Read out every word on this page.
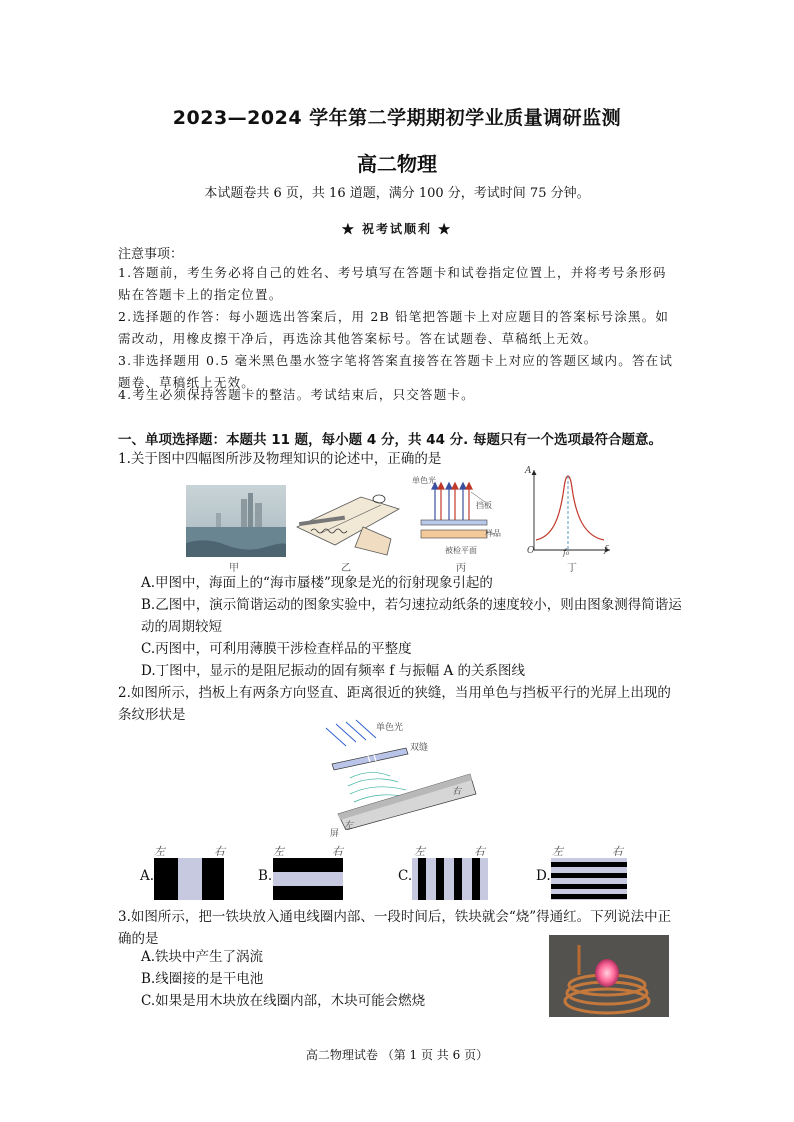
2023—2024 学年第二学期期初学业质量调研监测
高二物理
本试题卷共 6 页，共 16 道题，满分 100 分，考试时间 75 分钟。
★ 祝考试顺利 ★
注意事项：
1.答题前，考生务必将自己的姓名、考号填写在答题卡和试卷指定位置上，并将考号条形码贴在答题卡上的指定位置。
2.选择题的作答：每小题选出答案后，用 2B 铅笔把答题卡上对应题目的答案标号涂黑。如需改动，用橡皮擦干净后，再选涂其他答案标号。答在试题卷、草稿纸上无效。
3.非选择题用 0.5 毫米黑色墨水签字笔将答案直接答在答题卡上对应的答题区域内。答在试题卷、草稿纸上无效。
4.考生必须保持答题卡的整洁。考试结束后，只交答题卡。
一、单项选择题：本题共 11 题，每小题 4 分，共 44 分. 每题只有一个选项最符合题意。
1.关于图中四幅图所涉及物理知识的论述中，正确的是
甲	乙
单色光
挡板
样品
被检平面
丙
A
f
O	f₀
丁
A.甲图中，海面上的“海市蜃楼”现象是光的衍射现象引起的
B.乙图中，演示简谐运动的图象实验中，若匀速拉动纸条的速度较小，则由图象测得简谐运动的周期较短
C.丙图中，可利用薄膜干涉检查样品的平整度
D.丁图中，显示的是阻尼振动的固有频率 f 与振幅 A 的关系图线
2.如图所示，挡板上有两条方向竖直、距离很近的狭缝，当用单色与挡板平行的光屏上出现的条纹形状是
单色光
双缝
屏
左
右
A.
左	右
B.
左	右
C.
左	右
D.
左	右
3.如图所示，把一铁块放入通电线圈内部、一段时间后，铁块就会“烧”得通红。下列说法中正确的是
A.铁块中产生了涡流
B.线圈接的是干电池
C.如果是用木块放在线圈内部，木块可能会燃烧
高二物理试卷 （第 1 页 共 6 页）
